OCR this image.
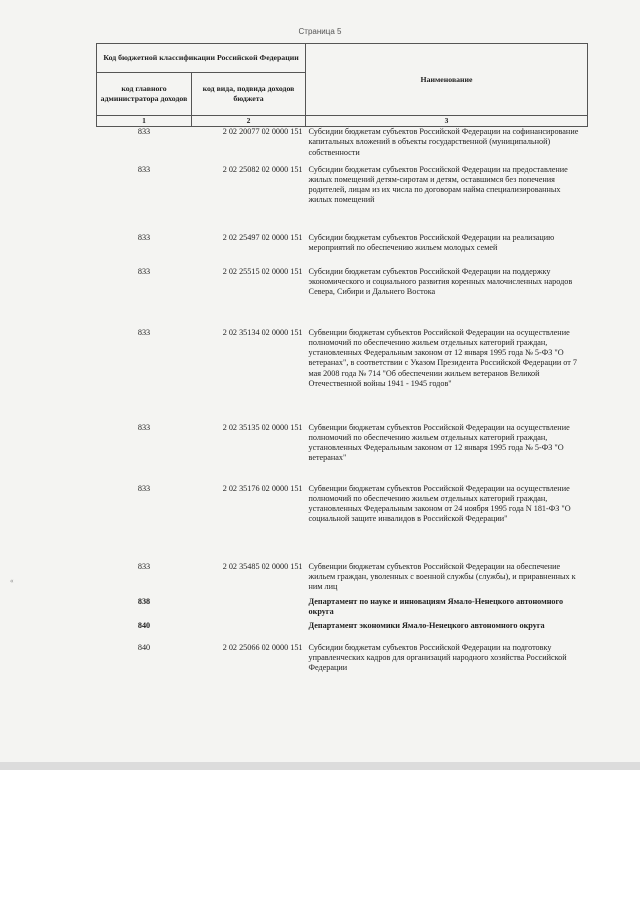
Страница 5
«
Код бюджетной классификации Российской Федерации		Наименование
код главного администратора доходов	код вида, подвида доходов бюджета	
1	2	3
833	2 02 20077 02 0000 151	Субсидии бюджетам субъектов Российской Федерации на софинансирование капитальных вложений в объекты государственной (муниципальной) собственности
833	2 02 25082 02 0000 151	Субсидии бюджетам субъектов Российской Федерации на предоставление жилых помещений детям-сиротам и детям, оставшимся без попечения родителей, лицам из их числа по договорам найма специализированных жилых помещений
833	2 02 25497 02 0000 151	Субсидии бюджетам субъектов Российской Федерации на реализацию мероприятий по обеспечению жильем молодых семей
833	2 02 25515 02 0000 151	Субсидии бюджетам субъектов Российской Федерации на поддержку экономического и социального развития коренных малочисленных народов Севера, Сибири и Дальнего Востока
833	2 02 35134 02 0000 151	Субвенции бюджетам субъектов Российской Федерации на осуществление полномочий по обеспечению жильем отдельных категорий граждан, установленных Федеральным законом от 12 января 1995 года № 5-ФЗ "О ветеранах", в соответствии с Указом Президента Российской Федерации от 7 мая 2008 года № 714 "Об обеспечении жильем ветеранов Великой Отечественной войны 1941 - 1945 годов"
833	2 02 35135 02 0000 151	Субвенции бюджетам субъектов Российской Федерации на осуществление полномочий по обеспечению жильем отдельных категорий граждан, установленных Федеральным законом от 12 января 1995 года № 5-ФЗ "О ветеранах"
833	2 02 35176 02 0000 151	Субвенции бюджетам субъектов Российской Федерации на осуществление полномочий по обеспечению жильем отдельных категорий граждан, установленных Федеральным законом от 24 ноября 1995 года N 181-ФЗ "О социальной защите инвалидов в Российской Федерации"
833	2 02 35485 02 0000 151	Субвенции бюджетам субъектов Российской Федерации на обеспечение жильем граждан, уволенных с военной службы (службы), и приравненных к ним лиц
838		Департамент по науке и инновациям Ямало-Ненецкого автономного округа
840		Департамент экономики Ямало-Ненецкого автономного округа
840	2 02 25066 02 0000 151	Субсидии бюджетам субъектов Российской Федерации на подготовку управленческих кадров для организаций народного хозяйства Российской Федерации
